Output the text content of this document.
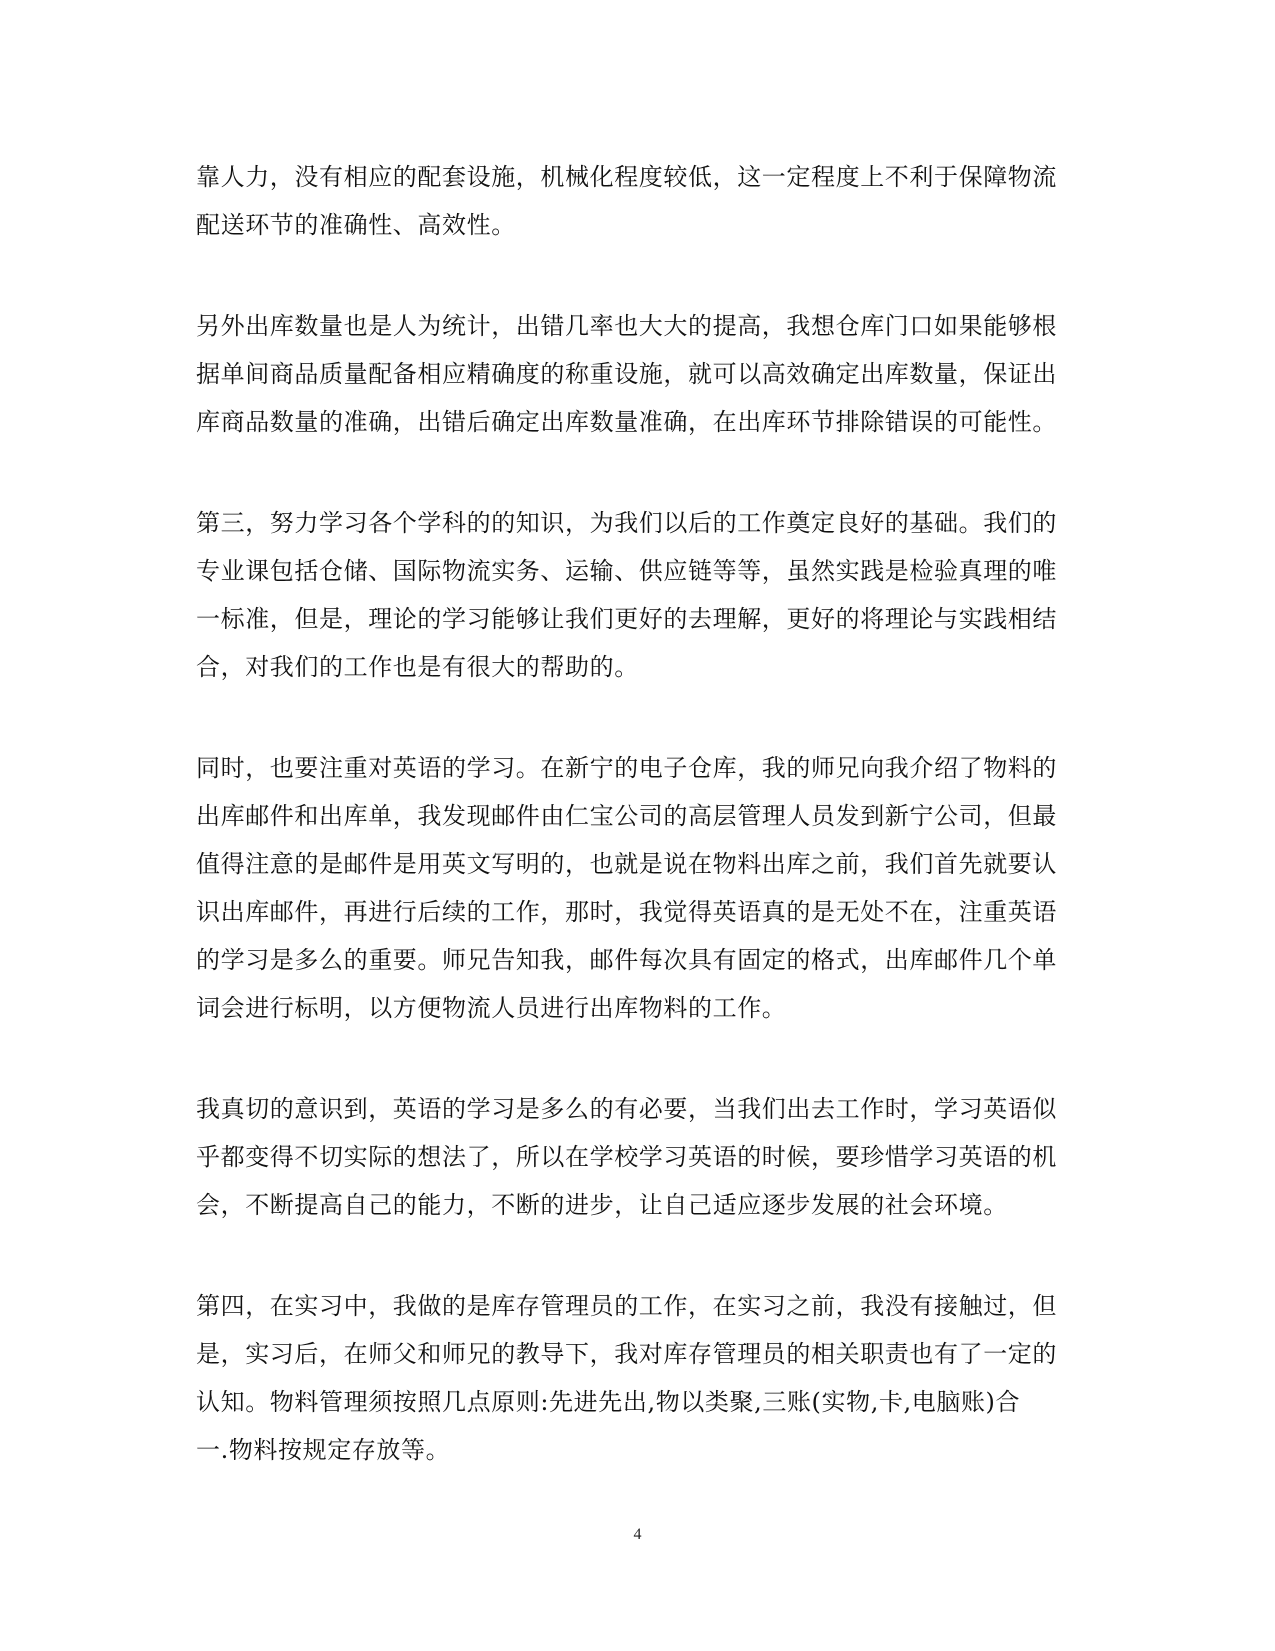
靠人力，没有相应的配套设施，机械化程度较低，这一定程度上不利于保障物流
配送环节的准确性、高效性。

另外出库数量也是人为统计，出错几率也大大的提高，我想仓库门口如果能够根
据单间商品质量配备相应精确度的称重设施，就可以高效确定出库数量，保证出
库商品数量的准确，出错后确定出库数量准确，在出库环节排除错误的可能性。

第三，努力学习各个学科的的知识，为我们以后的工作奠定良好的基础。我们的
专业课包括仓储、国际物流实务、运输、供应链等等，虽然实践是检验真理的唯
一标准，但是，理论的学习能够让我们更好的去理解，更好的将理论与实践相结
合，对我们的工作也是有很大的帮助的。

同时，也要注重对英语的学习。在新宁的电子仓库，我的师兄向我介绍了物料的
出库邮件和出库单，我发现邮件由仁宝公司的高层管理人员发到新宁公司，但最
值得注意的是邮件是用英文写明的，也就是说在物料出库之前，我们首先就要认
识出库邮件，再进行后续的工作，那时，我觉得英语真的是无处不在，注重英语
的学习是多么的重要。师兄告知我，邮件每次具有固定的格式，出库邮件几个单
词会进行标明，以方便物流人员进行出库物料的工作。

我真切的意识到，英语的学习是多么的有必要，当我们出去工作时，学习英语似
乎都变得不切实际的想法了，所以在学校学习英语的时候，要珍惜学习英语的机
会，不断提高自己的能力，不断的进步，让自己适应逐步发展的社会环境。

第四，在实习中，我做的是库存管理员的工作，在实习之前，我没有接触过，但
是，实习后，在师父和师兄的教导下，我对库存管理员的相关职责也有了一定的
认知。物料管理须按照几点原则:先进先出,物以类聚,三账(实物,卡,电脑账)合
一.物料按规定存放等。

4
